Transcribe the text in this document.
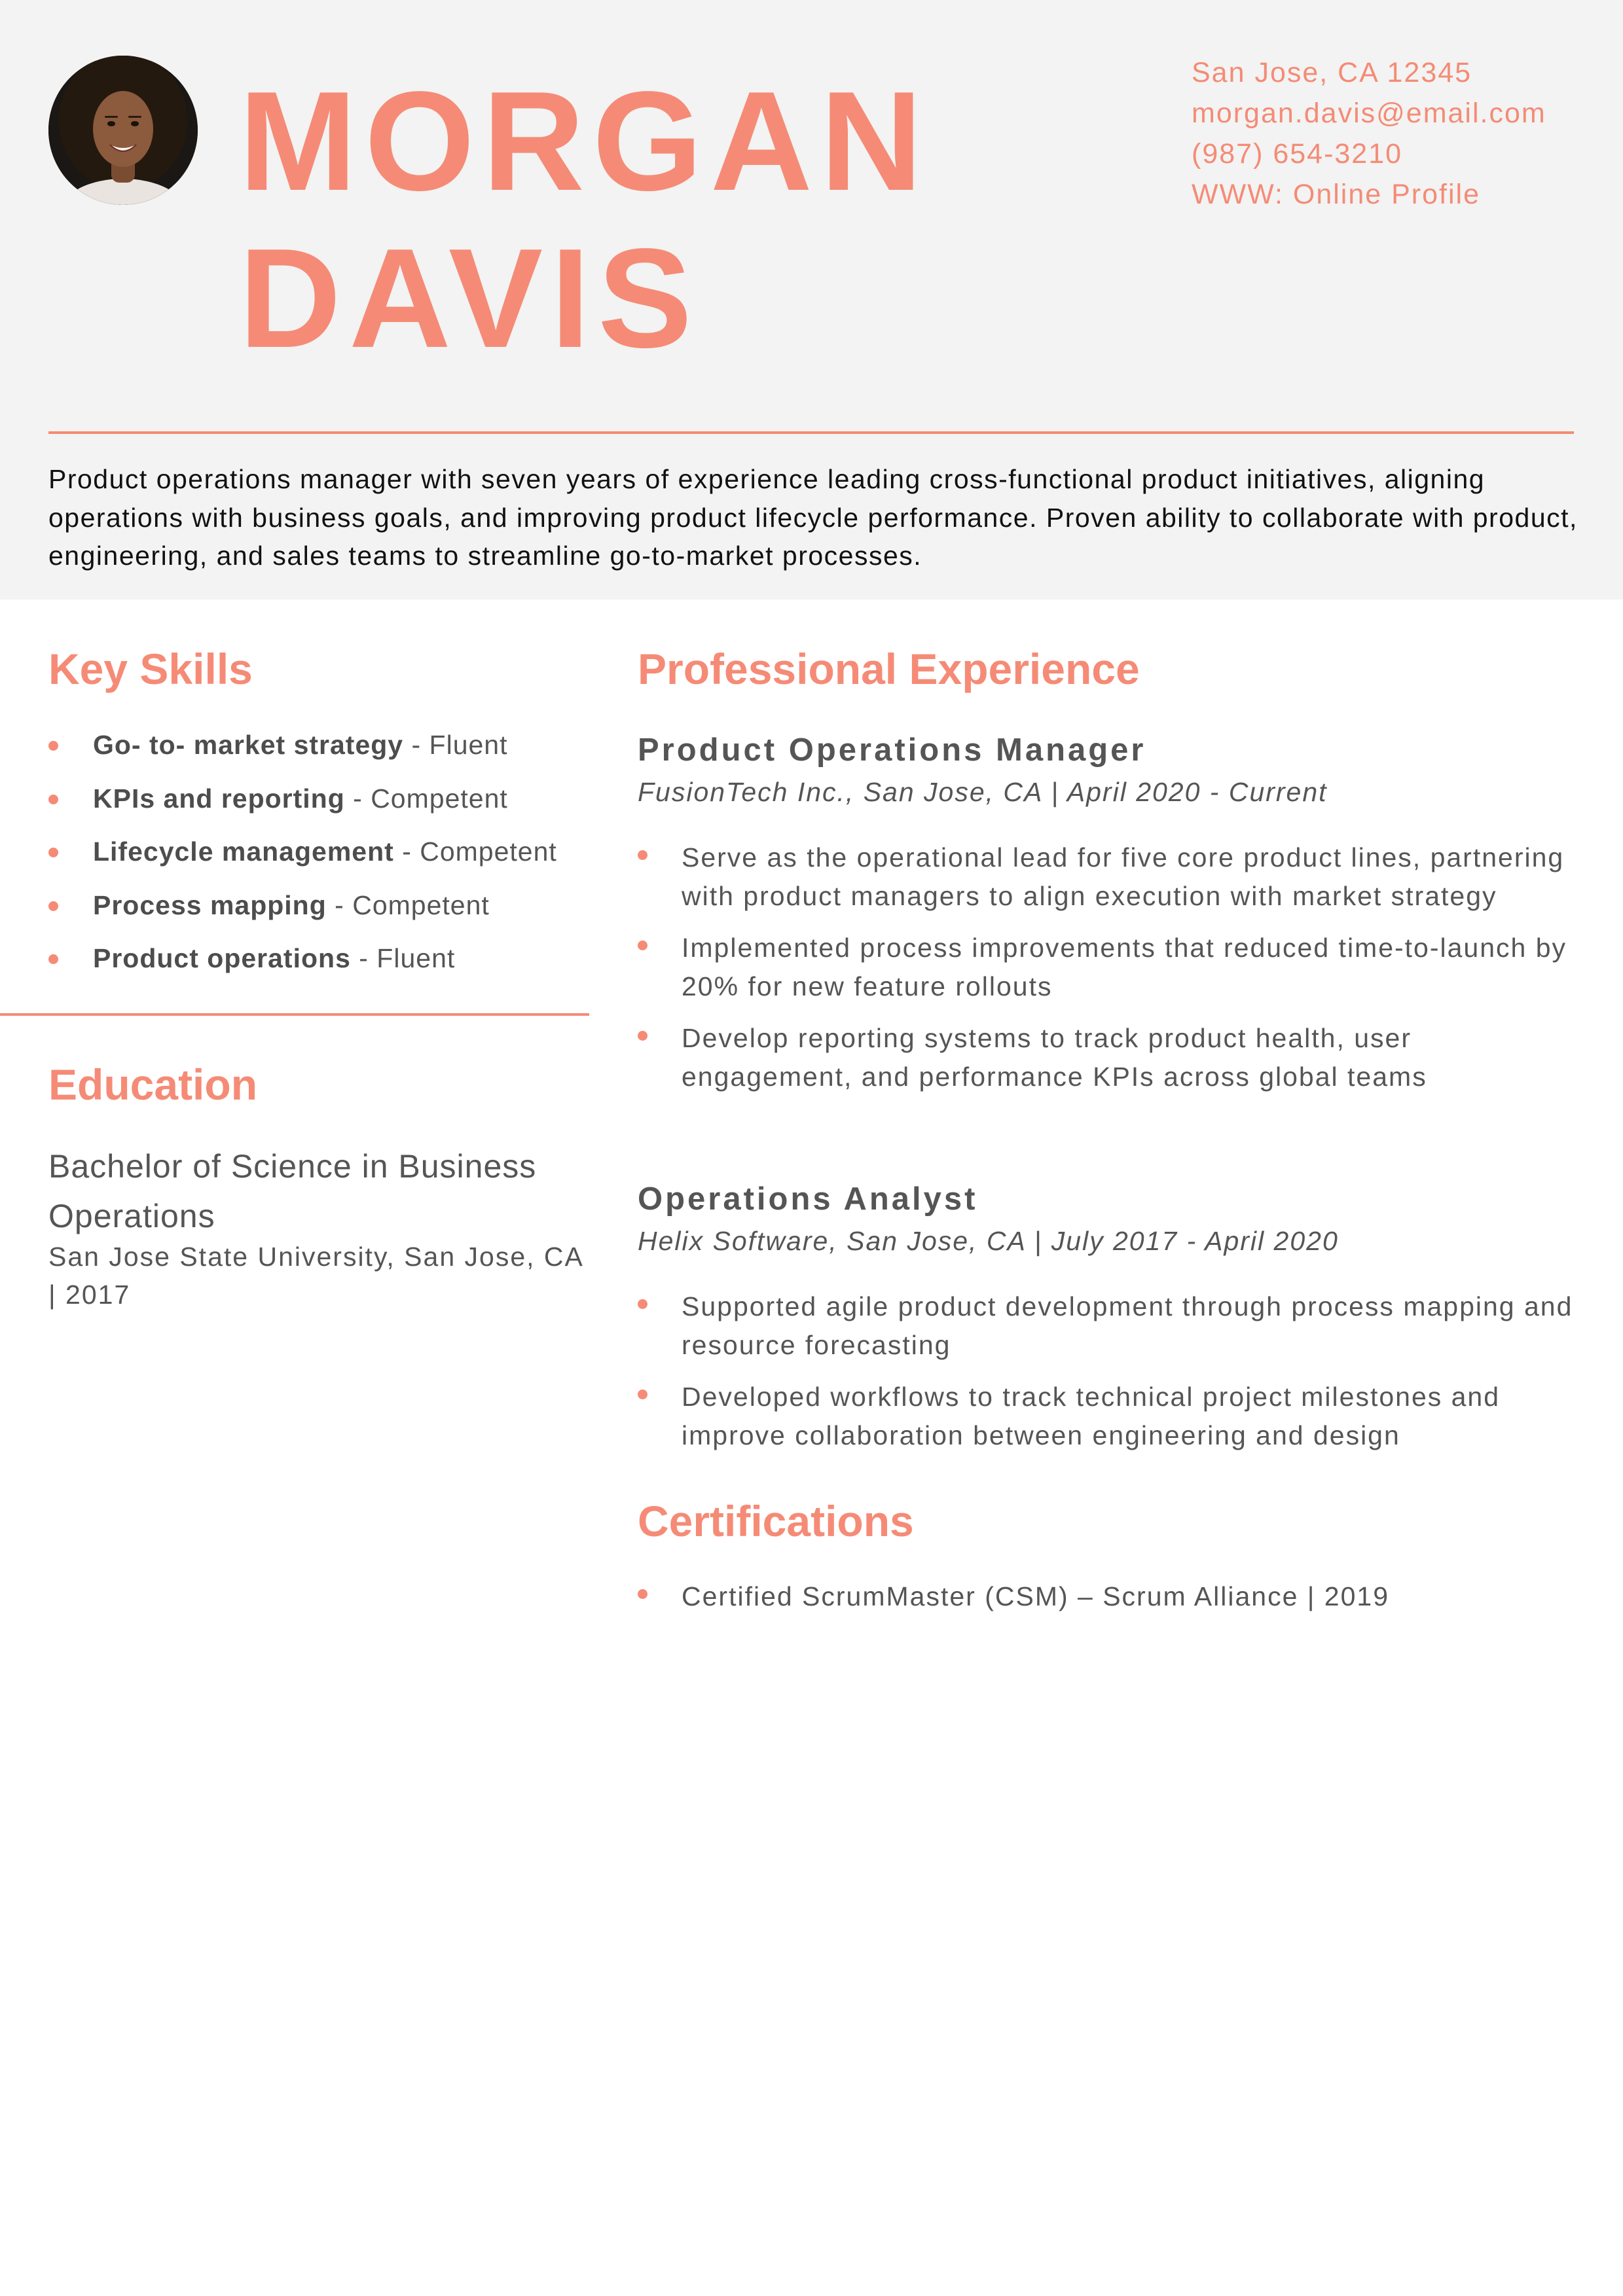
MORGAN
DAVIS
San Jose, CA 12345
morgan.davis@email.com
(987) 654-3210
WWW: Online Profile

Product operations manager with seven years of experience leading cross-functional product initiatives, aligning operations with business goals, and improving product lifecycle performance. Proven ability to collaborate with product, engineering, and sales teams to streamline go-to-market processes.

Key Skills
Go- to- market strategy - Fluent
KPIs and reporting - Competent
Lifecycle management - Competent
Process mapping - Competent
Product operations - Fluent
Education

Bachelor of Science in Business Operations

San Jose State University, San Jose, CA | 2017

Professional Experience
Product Operations Manager
FusionTech Inc., San Jose, CA | April 2020 - Current
Serve as the operational lead for five core product lines, partnering with product managers to align execution with market strategy
Implemented process improvements that reduced time-to-launch by 20% for new feature rollouts
Develop reporting systems to track product health, user engagement, and performance KPIs across global teams
Operations Analyst
Helix Software, San Jose, CA | July 2017 - April 2020
Supported agile product development through process mapping and resource forecasting
Developed workflows to track technical project milestones and improve collaboration between engineering and design
Certifications
Certified ScrumMaster (CSM) – Scrum Alliance | 2019
